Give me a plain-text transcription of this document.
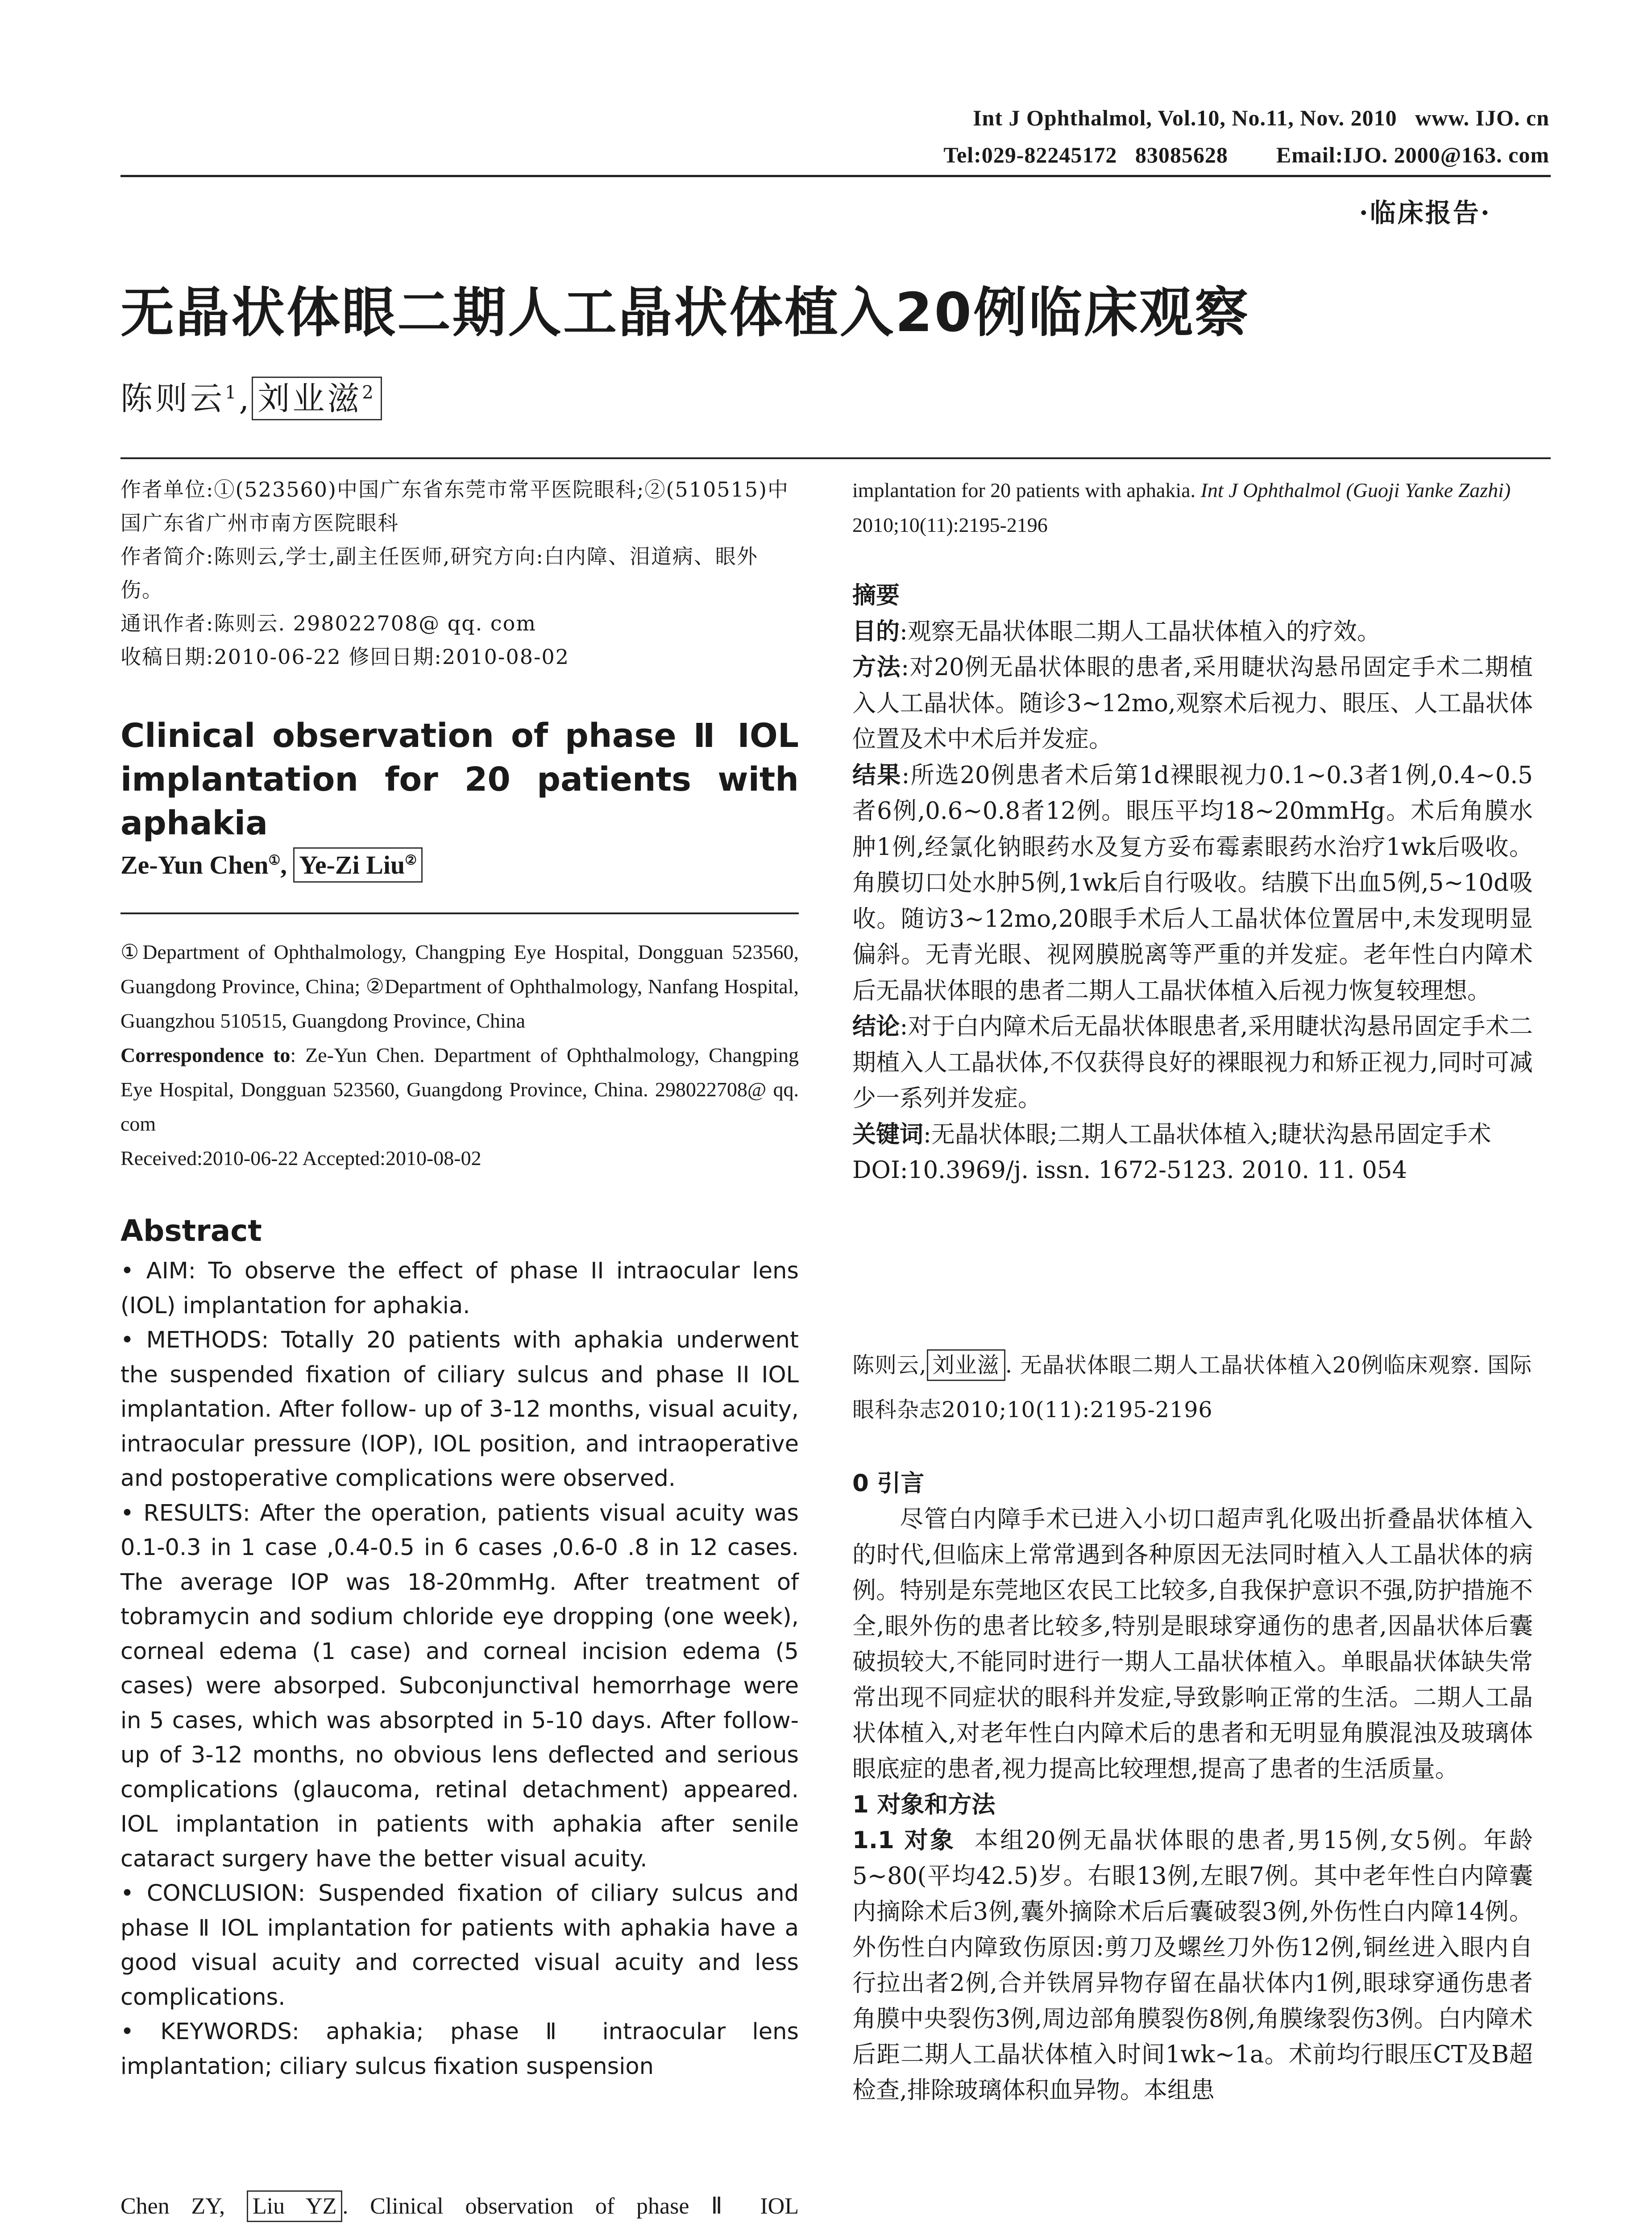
Int J Ophthalmol, Vol.10, No.11, Nov. 2010   www. IJO. cn
Tel:029-82245172   83085628        Email:IJO. 2000@163. com
·临床报告·
无晶状体眼二期人工晶状体植入20例临床观察
陈则云$^1$, 刘业滋$^2$

作者单位:①(523560)中国广东省东莞市常平医院眼科;②(510515)中国广东省广州市南方医院眼科

作者简介:陈则云,学士,副主任医师,研究方向:白内障、泪道病、眼外伤。

通讯作者:陈则云. 298022708@ qq. com

收稿日期:2010-06-22 修回日期:2010-08-02

Clinical observation of phase Ⅱ IOL implantation for 20 patients with aphakia
Ze-Yun Chen①, Ye-Zi Liu②

①Department of Ophthalmology, Changping Eye Hospital, Dongguan 523560, Guangdong Province, China; ②Department of Ophthalmology, Nanfang Hospital, Guangzhou 510515, Guangdong Province, China

Correspondence to: Ze-Yun Chen. Department of Ophthalmology, Changping Eye Hospital, Dongguan 523560, Guangdong Province, China. 298022708@ qq. com

Received:2010-06-22 Accepted:2010-08-02

Abstract

• AIM: To observe the effect of phase II intraocular lens (IOL) implantation for aphakia.

• METHODS: Totally 20 patients with aphakia underwent the suspended fixation of ciliary sulcus and phase II IOL implantation. After follow- up of 3-12 months, visual acuity, intraocular pressure (IOP), IOL position, and intraoperative and postoperative complications were observed.

• RESULTS: After the operation, patients visual acuity was 0.1-0.3 in 1 case ,0.4-0.5 in 6 cases ,0.6-0 .8 in 12 cases. The average IOP was 18-20mmHg. After treatment of tobramycin and sodium chloride eye dropping (one week), corneal edema (1 case) and corneal incision edema (5 cases) were absorped. Subconjunctival hemorrhage were in 5 cases, which was absorpted in 5-10 days. After follow-up of 3-12 months, no obvious lens deflected and serious complications (glaucoma, retinal detachment) appeared. IOL implantation in patients with aphakia after senile cataract surgery have the better visual acuity.

• CONCLUSION: Suspended fixation of ciliary sulcus and phase Ⅱ IOL implantation for patients with aphakia have a good visual acuity and corrected visual acuity and less complications.

• KEYWORDS: aphakia; phase Ⅱ intraocular lens implantation; ciliary sulcus fixation suspension

Chen ZY, Liu YZ . Clinical observation of phase Ⅱ IOL

implantation for 20 patients with aphakia. Int J Ophthalmol (Guoji Yanke Zazhi) 2010;10(11):2195-2196

摘要

目的:观察无晶状体眼二期人工晶状体植入的疗效。

方法:对20例无晶状体眼的患者,采用睫状沟悬吊固定手术二期植入人工晶状体。随诊3~12mo,观察术后视力、眼压、人工晶状体位置及术中术后并发症。

结果:所选20例患者术后第1d裸眼视力0.1~0.3者1例,0.4~0.5者6例,0.6~0.8者12例。眼压平均18~20mmHg。术后角膜水肿1例,经氯化钠眼药水及复方妥布霉素眼药水治疗1wk后吸收。角膜切口处水肿5例,1wk后自行吸收。结膜下出血5例,5~10d吸收。随访3~12mo,20眼手术后人工晶状体位置居中,未发现明显偏斜。无青光眼、视网膜脱离等严重的并发症。老年性白内障术后无晶状体眼的患者二期人工晶状体植入后视力恢复较理想。

结论:对于白内障术后无晶状体眼患者,采用睫状沟悬吊固定手术二期植入人工晶状体,不仅获得良好的裸眼视力和矫正视力,同时可减少一系列并发症。

关键词:无晶状体眼;二期人工晶状体植入;睫状沟悬吊固定手术

DOI:10.3969/j. issn. 1672-5123. 2010. 11. 054

陈则云, 刘业滋 . 无晶状体眼二期人工晶状体植入20例临床观察. 国际眼科杂志2010;10(11):2195-2196

0 引言

尽管白内障手术已进入小切口超声乳化吸出折叠晶状体植入的时代,但临床上常常遇到各种原因无法同时植入人工晶状体的病例。特别是东莞地区农民工比较多,自我保护意识不强,防护措施不全,眼外伤的患者比较多,特别是眼球穿通伤的患者,因晶状体后囊破损较大,不能同时进行一期人工晶状体植入。单眼晶状体缺失常常出现不同症状的眼科并发症,导致影响正常的生活。二期人工晶状体植入,对老年性白内障术后的患者和无明显角膜混浊及玻璃体眼底症的患者,视力提高比较理想,提高了患者的生活质量。

1 对象和方法

1.1 对象 本组20例无晶状体眼的患者,男15例,女5例。年龄5~80(平均42.5)岁。右眼13例,左眼7例。其中老年性白内障囊内摘除术后3例,囊外摘除术后后囊破裂3例,外伤性白内障14例。外伤性白内障致伤原因:剪刀及螺丝刀外伤12例,铜丝进入眼内自行拉出者2例,合并铁屑异物存留在晶状体内1例,眼球穿通伤患者角膜中央裂伤3例,周边部角膜裂伤8例,角膜缘裂伤3例。白内障术后距二期人工晶状体植入时间1wk~1a。术前均行眼压CT及B超检查,排除玻璃体积血异物。本组患
